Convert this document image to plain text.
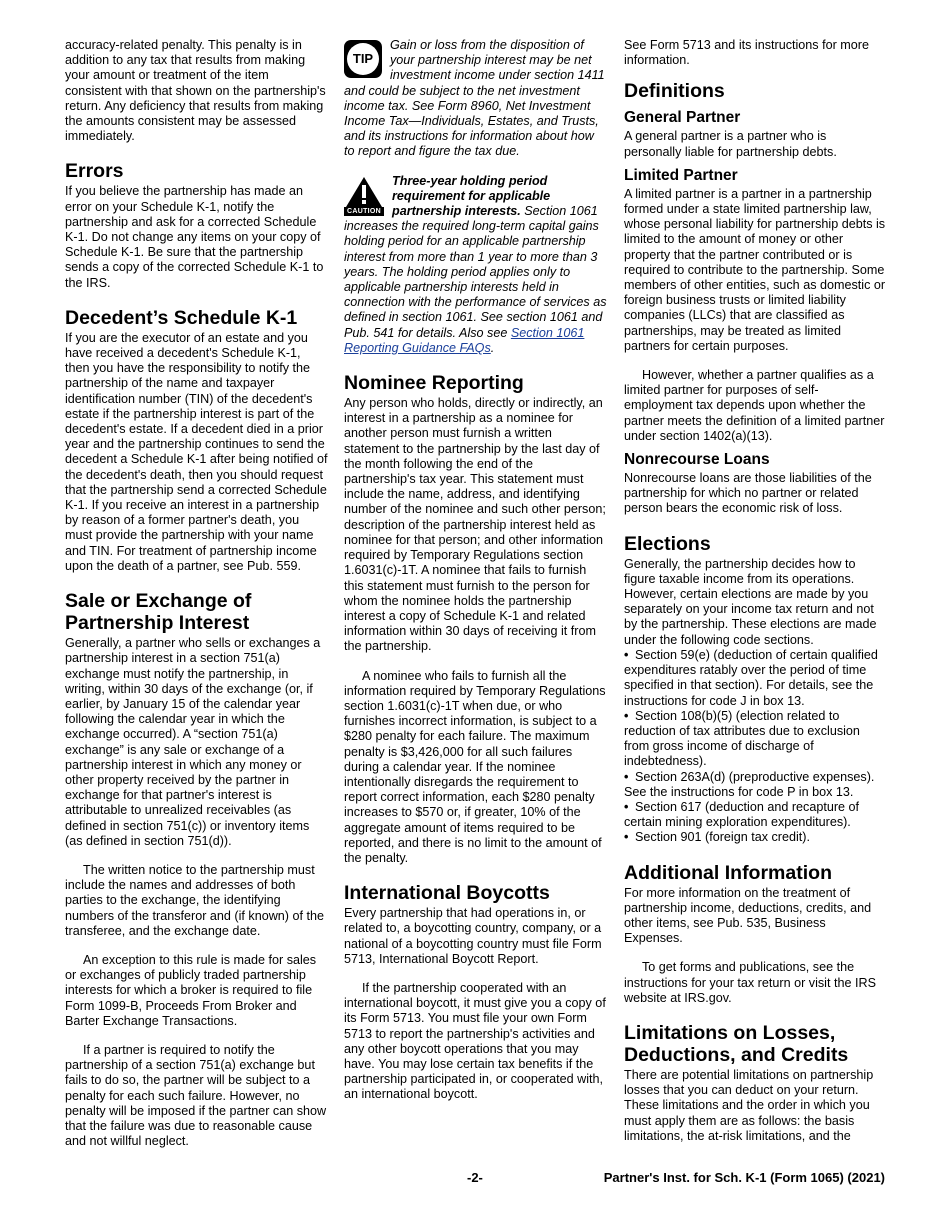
accuracy-related penalty. This penalty is in addition to any tax that results from making your amount or treatment of the item consistent with that shown on the partnership's return. Any deficiency that results from making the amounts consistent may be assessed immediately.

Errors

If you believe the partnership has made an error on your Schedule K-1, notify the partnership and ask for a corrected Schedule K-1. Do not change any items on your copy of Schedule K-1. Be sure that the partnership sends a copy of the corrected Schedule K-1 to the IRS.

Decedent’s Schedule K-1

If you are the executor of an estate and you have received a decedent's Schedule K-1, then you have the responsibility to notify the partnership of the name and taxpayer identification number (TIN) of the decedent's estate if the partnership interest is part of the decedent's estate. If a decedent died in a prior year and the partnership continues to send the decedent a Schedule K-1 after being notified of the decedent's death, then you should request that the partnership send a corrected Schedule K-1. If you receive an interest in a partnership by reason of a former partner's death, you must provide the partnership with your name and TIN. For treatment of partnership income upon the death of a partner, see Pub. 559.

Sale or Exchange of Partnership Interest

Generally, a partner who sells or exchanges a partnership interest in a section 751(a) exchange must notify the partnership, in writing, within 30 days of the exchange (or, if earlier, by January 15 of the calendar year following the calendar year in which the exchange occurred). A “section 751(a) exchange” is any sale or exchange of a partnership interest in which any money or other property received by the partner in exchange for that partner's interest is attributable to unrealized receivables (as defined in section 751(c)) or inventory items (as defined in section 751(d)).

The written notice to the partnership must include the names and addresses of both parties to the exchange, the identifying numbers of the transferor and (if known) of the transferee, and the exchange date.

An exception to this rule is made for sales or exchanges of publicly traded partnership interests for which a broker is required to file Form 1099-B, Proceeds From Broker and Barter Exchange Transactions.

If a partner is required to notify the partnership of a section 751(a) exchange but fails to do so, the partner will be subject to a penalty for each such failure. However, no penalty will be imposed if the partner can show that the failure was due to reasonable cause and not willful neglect.

TIP
Gain or loss from the disposition of your partnership interest may be net investment income under section 1411 and could be subject to the net investment income tax. See Form 8960, Net Investment Income Tax—Individuals, Estates, and Trusts, and its instructions for information about how to report and figure the tax due.
CAUTION
Three-year holding period requirement for applicable partnership interests. Section 1061 increases the required long-term capital gains holding period for an applicable partnership interest from more than 1 year to more than 3 years. The holding period applies only to applicable partnership interests held in connection with the performance of services as defined in section 1061. See section 1061 and Pub. 541 for details. Also see Section 1061 Reporting Guidance FAQs.
Nominee Reporting

Any person who holds, directly or indirectly, an interest in a partnership as a nominee for another person must furnish a written statement to the partnership by the last day of the month following the end of the partnership's tax year. This statement must include the name, address, and identifying number of the nominee and such other person; description of the partnership interest held as nominee for that person; and other information required by Temporary Regulations section 1.6031(c)-1T. A nominee that fails to furnish this statement must furnish to the person for whom the nominee holds the partnership interest a copy of Schedule K-1 and related information within 30 days of receiving it from the partnership.

A nominee who fails to furnish all the information required by Temporary Regulations section 1.6031(c)-1T when due, or who furnishes incorrect information, is subject to a $280 penalty for each failure. The maximum penalty is $3,426,000 for all such failures during a calendar year. If the nominee intentionally disregards the requirement to report correct information, each $280 penalty increases to $570 or, if greater, 10% of the aggregate amount of items required to be reported, and there is no limit to the amount of the penalty.

International Boycotts

Every partnership that had operations in, or related to, a boycotting country, company, or a national of a boycotting country must file Form 5713, International Boycott Report.

If the partnership cooperated with an international boycott, it must give you a copy of its Form 5713. You must file your own Form 5713 to report the partnership's activities and any other boycott operations that you may have. You may lose certain tax benefits if the partnership participated in, or cooperated with, an international boycott.

See Form 5713 and its instructions for more information.

Definitions
General Partner

A general partner is a partner who is personally liable for partnership debts.

Limited Partner

A limited partner is a partner in a partnership formed under a state limited partnership law, whose personal liability for partnership debts is limited to the amount of money or other property that the partner contributed or is required to contribute to the partnership. Some members of other entities, such as domestic or foreign business trusts or limited liability companies (LLCs) that are classified as partnerships, may be treated as limited partners for certain purposes.

However, whether a partner qualifies as a limited partner for purposes of self-employment tax depends upon whether the partner meets the definition of a limited partner under section 1402(a)(13).

Nonrecourse Loans

Nonrecourse loans are those liabilities of the partnership for which no partner or related person bears the economic risk of loss.

Elections

Generally, the partnership decides how to figure taxable income from its operations. However, certain elections are made by you separately on your income tax return and not by the partnership. These elections are made under the following code sections.

• Section 59(e) (deduction of certain qualified expenditures ratably over the period of time specified in that section). For details, see the instructions for code J in box 13.
• Section 108(b)(5) (election related to reduction of tax attributes due to exclusion from gross income of discharge of indebtedness).
• Section 263A(d) (preproductive expenses). See the instructions for code P in box 13.
• Section 617 (deduction and recapture of certain mining exploration expenditures).
• Section 901 (foreign tax credit).
Additional Information

For more information on the treatment of partnership income, deductions, credits, and other items, see Pub. 535, Business Expenses.

To get forms and publications, see the instructions for your tax return or visit the IRS website at IRS.gov.

Limitations on Losses, Deductions, and Credits

There are potential limitations on partnership losses that you can deduct on your return. These limitations and the order in which you must apply them are as follows: the basis limitations, the at-risk limitations, and the

-2-	Partner's Inst. for Sch. K-1 (Form 1065) (2021)
